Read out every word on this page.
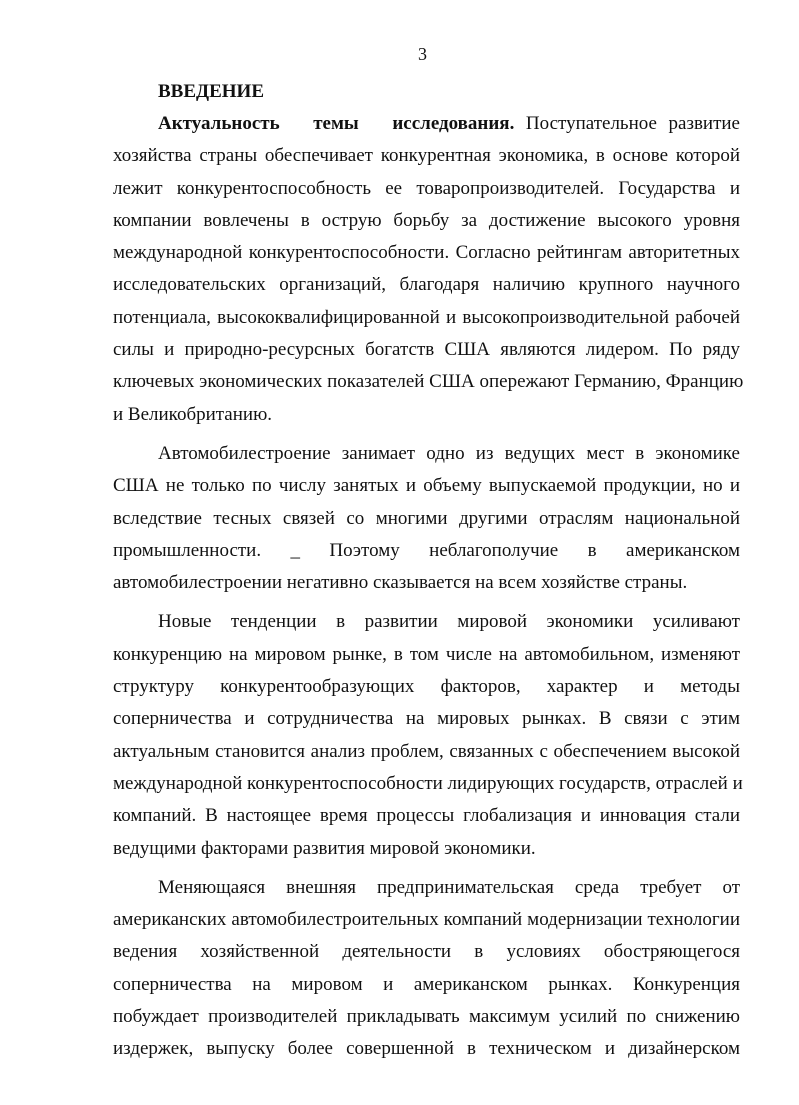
3
ВВЕДЕНИЕ
Актуальность темы исследования. Поступательное развитие
хозяйства страны обеспечивает конкурентная экономика, в основе которой
лежит конкурентоспособность ее товаропроизводителей. Государства и
компании вовлечены в острую борьбу за достижение высокого уровня
международной конкурентоспособности. Согласно рейтингам авторитетных
исследовательских организаций, благодаря наличию крупного научного
потенциала, высококвалифицированной и высокопроизводительной рабочей
силы и природно-ресурсных богатств США являются лидером. По ряду
ключевых экономических показателей США опережают Германию, Францию
и Великобританию.
Автомобилестроение занимает одно из ведущих мест в экономике
США не только по числу занятых и объему выпускаемой продукции, но и
вследствие тесных связей со многими другими отраслям национальной
промышленности. _ Поэтому неблагополучие в американском
автомобилестроении негативно сказывается на всем хозяйстве страны.
Новые тенденции в развитии мировой экономики усиливают
конкуренцию на мировом рынке, в том числе на автомобильном, изменяют
структуру конкурентообразующих факторов, характер и методы
соперничества и сотрудничества на мировых рынках. В связи с этим
актуальным становится анализ проблем, связанных с обеспечением высокой
международной конкурентоспособности лидирующих государств, отраслей и
компаний. В настоящее время процессы глобализация и инновация стали
ведущими факторами развития мировой экономики.
Меняющаяся внешняя предпринимательская среда требует от
американских автомобилестроительных компаний модернизации технологии
ведения хозяйственной деятельности в условиях обостряющегося
соперничества на мировом и американском рынках. Конкуренция
побуждает производителей прикладывать максимум усилий по снижению
издержек, выпуску более совершенной в техническом и дизайнерском
